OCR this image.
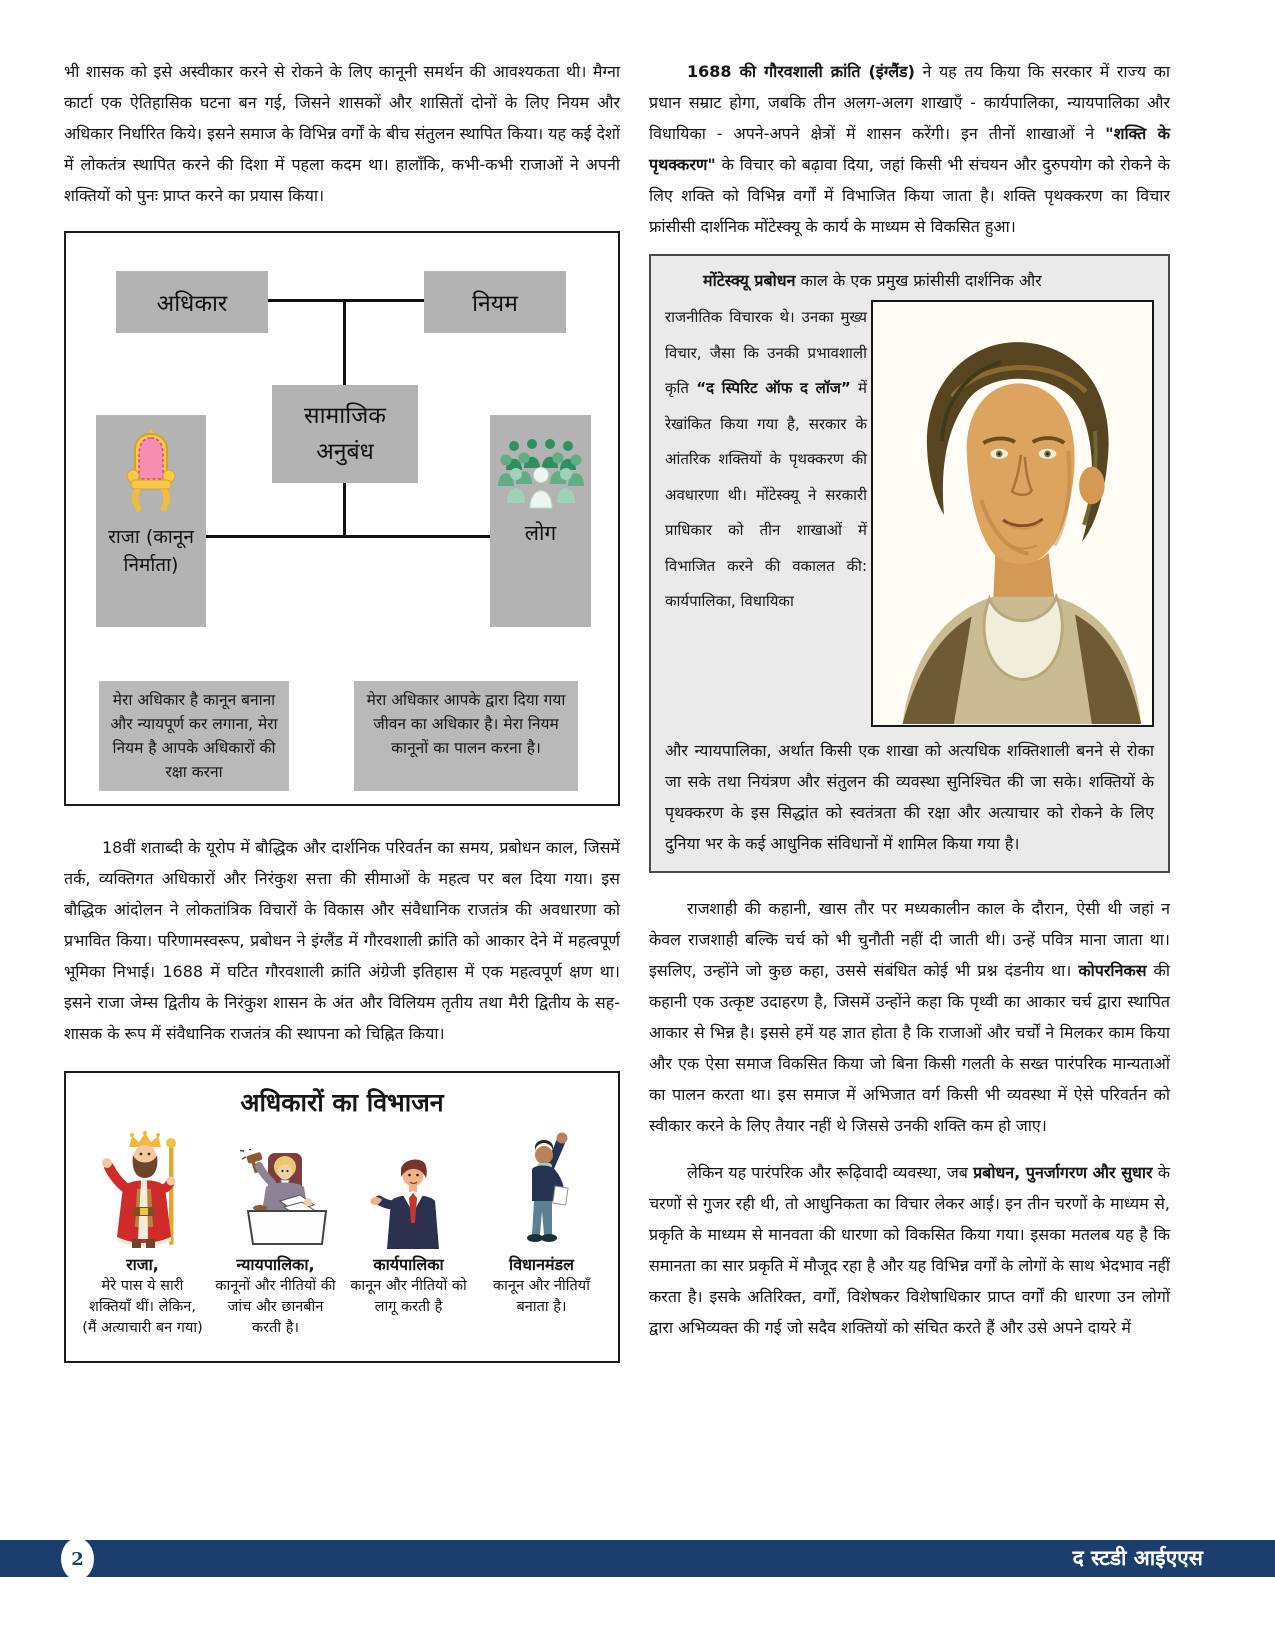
भी शासक को इसे अस्वीकार करने से रोकने के लिए कानूनी समर्थन की आवश्यकता थी। मैग्ना कार्टा एक ऐतिहासिक घटना बन गई, जिसने शासकों और शासितों दोनों के लिए नियम और अधिकार निर्धारित किये। इसने समाज के विभिन्न वर्गों के बीच संतुलन स्थापित किया। यह कई देशों में लोकतंत्र स्थापित करने की दिशा में पहला कदम था। हालाँकि, कभी-कभी राजाओं ने अपनी शक्तियों को पुनः प्राप्त करने का प्रयास किया।

अधिकार	नियम
सामाजिक अनुबंध
राजा (कानून निर्माता)
लोग
मेरा अधिकार है कानून बनाना और न्यायपूर्ण कर लगाना, मेरा नियम है आपके अधिकारों की रक्षा करना
मेरा अधिकार आपके द्वारा दिया गया जीवन का अधिकार है। मेरा नियम कानूनों का पालन करना है।

18वीं शताब्दी के यूरोप में बौद्धिक और दार्शनिक परिवर्तन का समय, प्रबोधन काल, जिसमें तर्क, व्यक्तिगत अधिकारों और निरंकुश सत्ता की सीमाओं के महत्व पर बल दिया गया। इस बौद्धिक आंदोलन ने लोकतांत्रिक विचारों के विकास और संवैधानिक राजतंत्र की अवधारणा को प्रभावित किया। परिणामस्वरूप, प्रबोधन ने इंग्लैंड में गौरवशाली क्रांति को आकार देने में महत्वपूर्ण भूमिका निभाई। 1688 में घटित गौरवशाली क्रांति अंग्रेजी इतिहास में एक महत्वपूर्ण क्षण था। इसने राजा जेम्स द्वितीय के निरंकुश शासन के अंत और विलियम तृतीय तथा मैरी द्वितीय के सह-शासक के रूप में संवैधानिक राजतंत्र की स्थापना को चिह्नित किया।

अधिकारों का विभाजन
राजा,
मेरे पास ये सारी शक्तियाँ थीं। लेकिन, (मैं अत्याचारी बन गया)
न्यायपालिका,
कानूनों और नीतियों की जांच और छानबीन करती है।
कार्यपालिका
कानून और नीतियों को लागू करती है
विधानमंडल
कानून और नीतियाँ बनाता है।

1688 की गौरवशाली क्रांति (इंग्लैंड) ने यह तय किया कि सरकार में राज्य का प्रधान सम्राट होगा, जबकि तीन अलग-अलग शाखाएँ - कार्यपालिका, न्यायपालिका और विधायिका - अपने-अपने क्षेत्रों में शासन करेंगी। इन तीनों शाखाओं ने "शक्ति के पृथक्करण" के विचार को बढ़ावा दिया, जहां किसी भी संचयन और दुरुपयोग को रोकने के लिए शक्ति को विभिन्न वर्गों में विभाजित किया जाता है। शक्ति पृथक्करण का विचार फ्रांसीसी दार्शनिक मोंटेस्क्यू के कार्य के माध्यम से विकसित हुआ।

मोंटेस्क्यू प्रबोधन काल के एक प्रमुख फ्रांसीसी दार्शनिक और

राजनीतिक विचारक थे। उनका मुख्य विचार, जैसा कि उनकी प्रभावशाली कृति “द स्पिरिट ऑफ द लॉज” में रेखांकित किया गया है, सरकार के आंतरिक शक्तियों के पृथक्करण की अवधारणा थी। मोंटेस्क्यू ने सरकारी प्राधिकार को तीन शाखाओं में विभाजित करने की वकालत की: कार्यपालिका, विधायिका
और न्यायपालिका, अर्थात किसी एक शाखा को अत्यधिक शक्तिशाली बनने से रोका जा सके तथा नियंत्रण और संतुलन की व्यवस्था सुनिश्चित की जा सके। शक्तियों के पृथक्करण के इस सिद्धांत को स्वतंत्रता की रक्षा और अत्याचार को रोकने के लिए दुनिया भर के कई आधुनिक संविधानों में शामिल किया गया है।

राजशाही की कहानी, खास तौर पर मध्यकालीन काल के दौरान, ऐसी थी जहां न केवल राजशाही बल्कि चर्च को भी चुनौती नहीं दी जाती थी। उन्हें पवित्र माना जाता था। इसलिए, उन्होंने जो कुछ कहा, उससे संबंधित कोई भी प्रश्न दंडनीय था। कोपरनिकस की कहानी एक उत्कृष्ट उदाहरण है, जिसमें उन्होंने कहा कि पृथ्वी का आकार चर्च द्वारा स्थापित आकार से भिन्न है। इससे हमें यह ज्ञात होता है कि राजाओं और चर्चों ने मिलकर काम किया और एक ऐसा समाज विकसित किया जो बिना किसी गलती के सख्त पारंपरिक मान्यताओं का पालन करता था। इस समाज में अभिजात वर्ग किसी भी व्यवस्था में ऐसे परिवर्तन को स्वीकार करने के लिए तैयार नहीं थे जिससे उनकी शक्ति कम हो जाए।

लेकिन यह पारंपरिक और रूढ़िवादी व्यवस्था, जब प्रबोधन, पुनर्जागरण और सुधार के चरणों से गुजर रही थी, तो आधुनिकता का विचार लेकर आई। इन तीन चरणों के माध्यम से, प्रकृति के माध्यम से मानवता की धारणा को विकसित किया गया। इसका मतलब यह है कि समानता का सार प्रकृति में मौजूद रहा है और यह विभिन्न वर्गों के लोगों के साथ भेदभाव नहीं करता है। इसके अतिरिक्त, वर्गों, विशेषकर विशेषाधिकार प्राप्त वर्गों की धारणा उन लोगों द्वारा अभिव्यक्त की गई जो सदैव शक्तियों को संचित करते हैं और उसे अपने दायरे में

2	द स्टडी आईएएस
